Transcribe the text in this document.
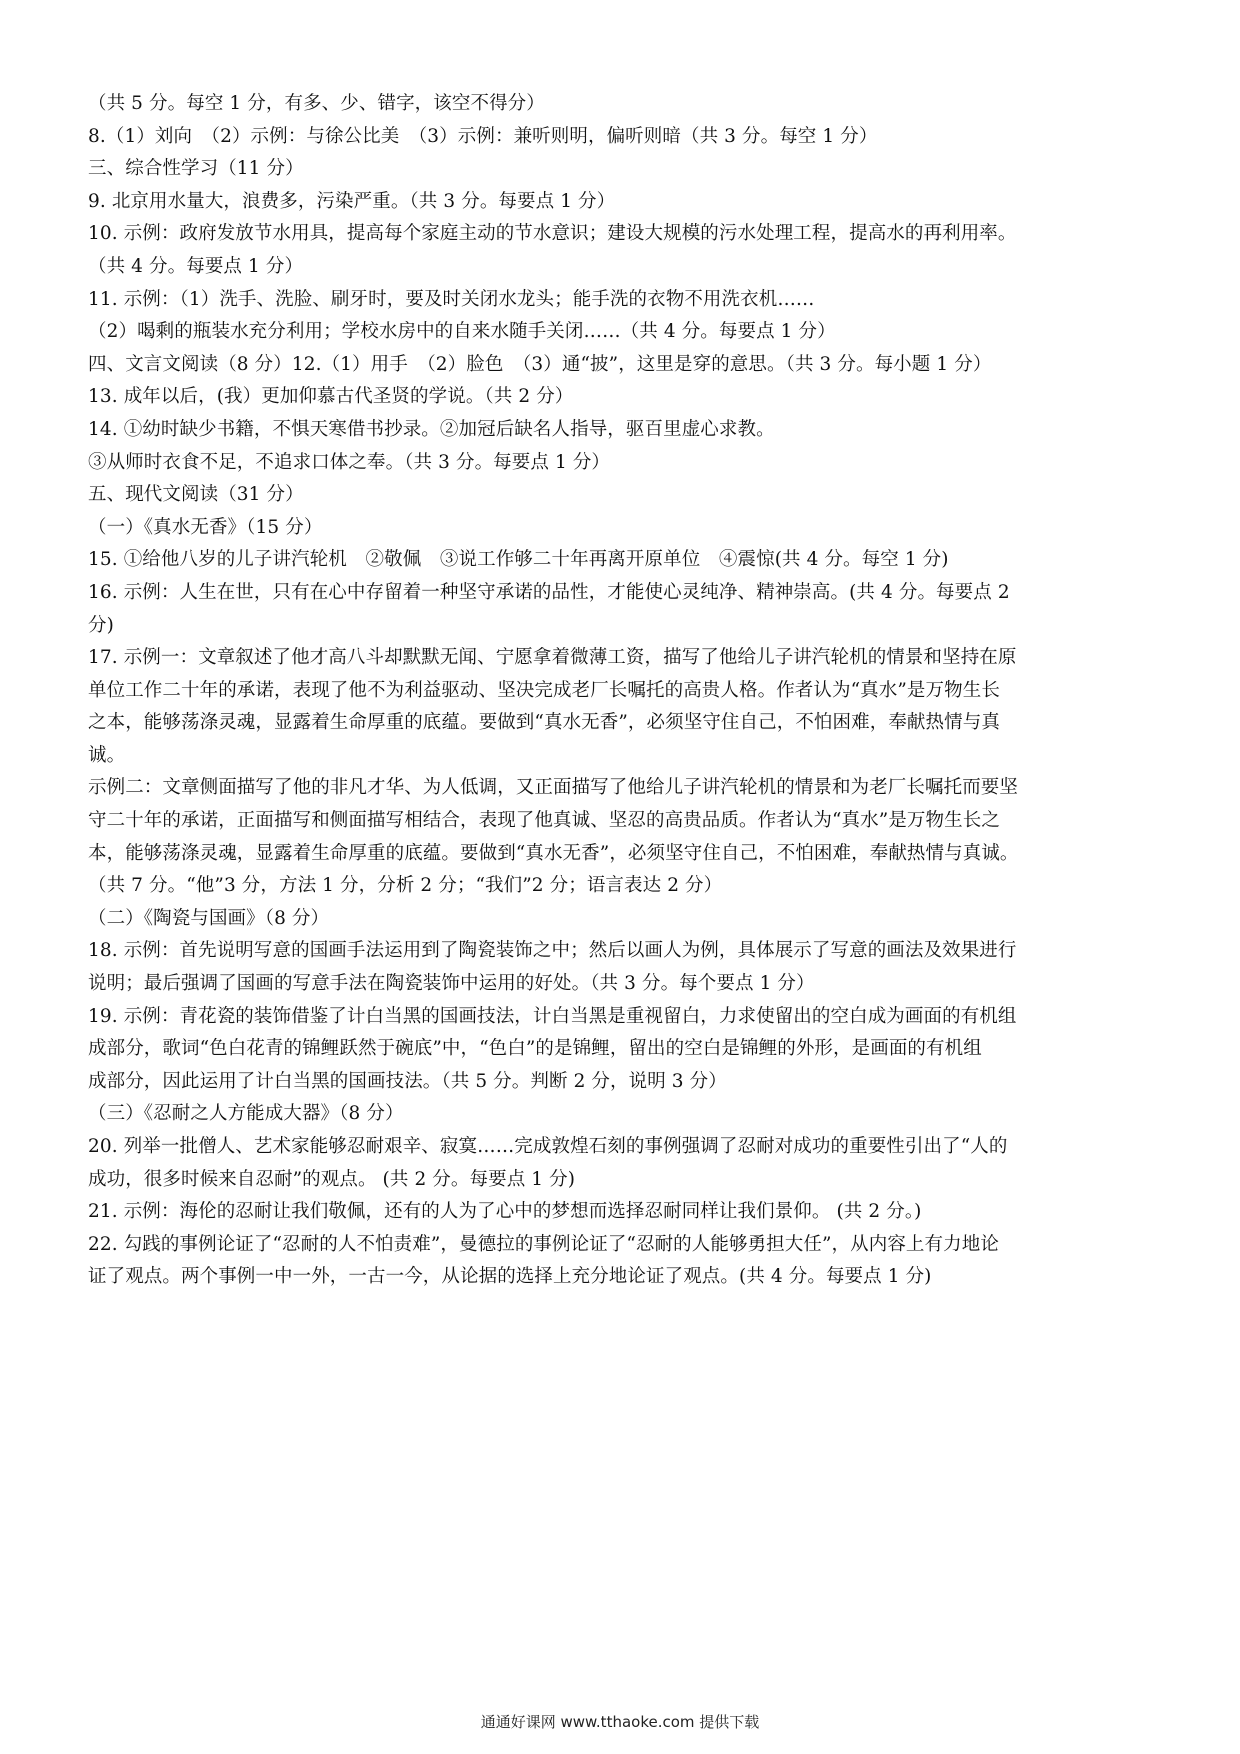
（共 5 分。每空 1 分，有多、少、错字，该空不得分）
8.（1）刘向　（2）示例：与徐公比美　（3）示例：兼听则明，偏听则暗（共 3 分。每空 1 分）
三、综合性学习（11 分）
9. 北京用水量大，浪费多，污染严重。（共 3 分。每要点 1 分）
10. 示例：政府发放节水用具，提高每个家庭主动的节水意识；建设大规模的污水处理工程，提高水的再利用率。
（共 4 分。每要点 1 分）
11. 示例：（1）洗手、洗脸、刷牙时，要及时关闭水龙头；能手洗的衣物不用洗衣机……
（2）喝剩的瓶装水充分利用；学校水房中的自来水随手关闭……（共 4 分。每要点 1 分）
四、文言文阅读（8 分）12.（1）用手　（2）脸色　（3）通“披”，这里是穿的意思。（共 3 分。每小题 1 分）
13. 成年以后，(我）更加仰慕古代圣贤的学说。（共 2 分）
14. ①幼时缺少书籍，不惧天寒借书抄录。②加冠后缺名人指导，驱百里虚心求教。
③从师时衣食不足，不追求口体之奉。（共 3 分。每要点 1 分）
五、现代文阅读（31 分）
（一）《真水无香》（15 分）
15. ①给他八岁的儿子讲汽轮机　②敬佩　③说工作够二十年再离开原单位　④震惊(共 4 分。每空 1 分)
16. 示例：人生在世，只有在心中存留着一种坚守承诺的品性，才能使心灵纯净、精神崇高。(共 4 分。每要点 2
分)
17. 示例一：文章叙述了他才高八斗却默默无闻、宁愿拿着微薄工资，描写了他给儿子讲汽轮机的情景和坚持在原
单位工作二十年的承诺，表现了他不为利益驱动、坚决完成老厂长嘱托的高贵人格。作者认为“真水”是万物生长
之本，能够荡涤灵魂，显露着生命厚重的底蕴。要做到“真水无香”，必须坚守住自己，不怕困难，奉献热情与真
诚。
示例二：文章侧面描写了他的非凡才华、为人低调，又正面描写了他给儿子讲汽轮机的情景和为老厂长嘱托而要坚
守二十年的承诺，正面描写和侧面描写相结合，表现了他真诚、坚忍的高贵品质。作者认为“真水”是万物生长之
本，能够荡涤灵魂，显露着生命厚重的底蕴。要做到“真水无香”，必须坚守住自己，不怕困难，奉献热情与真诚。
（共 7 分。“他”3 分，方法 1 分，分析 2 分；“我们”2 分；语言表达 2 分）
（二）《陶瓷与国画》（8 分）
18. 示例：首先说明写意的国画手法运用到了陶瓷装饰之中；然后以画人为例，具体展示了写意的画法及效果进行
说明；最后强调了国画的写意手法在陶瓷装饰中运用的好处。（共 3 分。每个要点 1 分）
19. 示例：青花瓷的装饰借鉴了计白当黑的国画技法，计白当黑是重视留白，力求使留出的空白成为画面的有机组
成部分，歌词“色白花青的锦鲤跃然于碗底”中，“色白”的是锦鲤，留出的空白是锦鲤的外形，是画面的有机组
成部分，因此运用了计白当黑的国画技法。（共 5 分。判断 2 分，说明 3 分）
（三）《忍耐之人方能成大器》（8 分）
20. 列举一批僧人、艺术家能够忍耐艰辛、寂寞……完成敦煌石刻的事例强调了忍耐对成功的重要性引出了“人的
成功，很多时候来自忍耐”的观点。 (共 2 分。每要点 1 分)
21. 示例：海伦的忍耐让我们敬佩，还有的人为了心中的梦想而选择忍耐同样让我们景仰。 (共 2 分。)
22. 勾践的事例论证了“忍耐的人不怕责难”，曼德拉的事例论证了“忍耐的人能够勇担大任”，从内容上有力地论
证了观点。两个事例一中一外，一古一今，从论据的选择上充分地论证了观点。(共 4 分。每要点 1 分)
通通好课网 www.tthaoke.com 提供下载
